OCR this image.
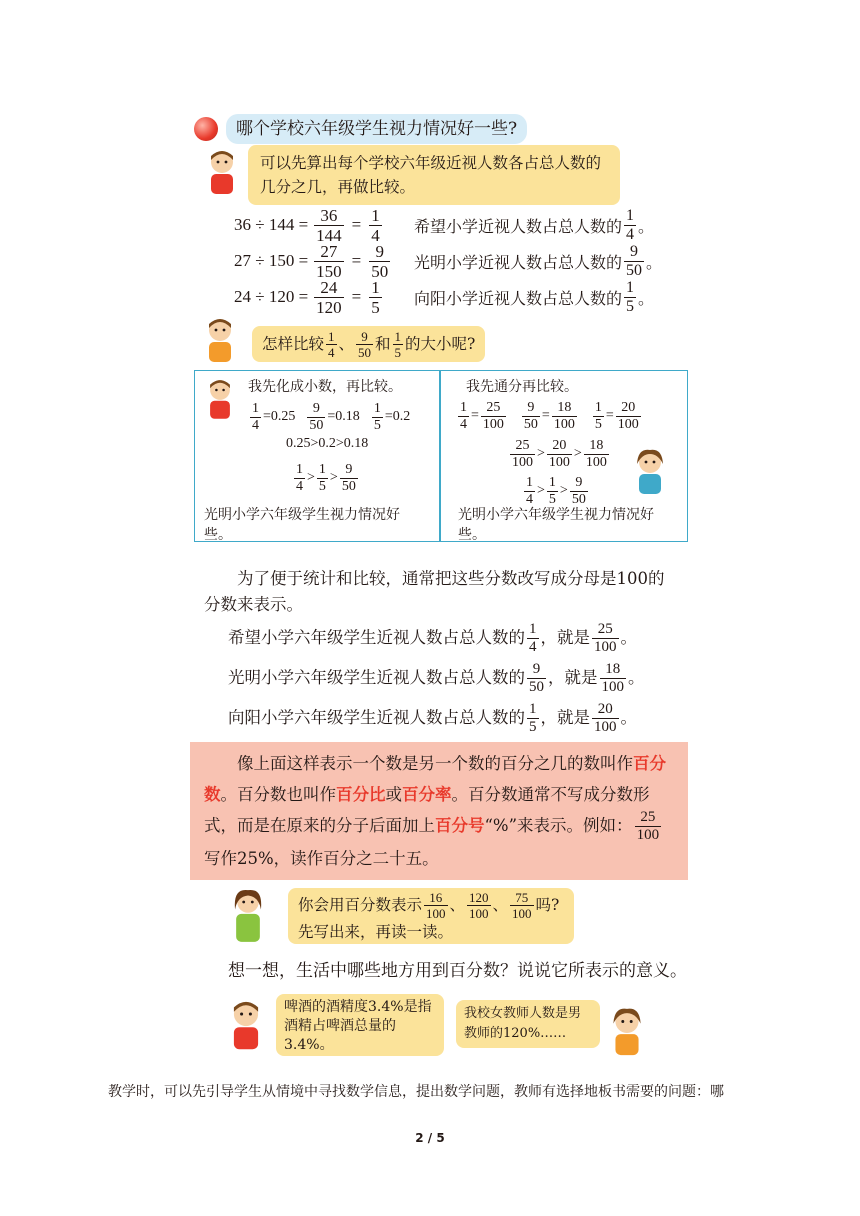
哪个学校六年级学生视力情况好一些?
可以先算出每个学校六年级近视人数各占总人数的几分之几，再做比较。
$36 \div 144 = \frac{36}{144} = \frac{1}{4}$ 希望小学近视人数占总人数的 $\frac{1}{4}$ 。
$27 \div 150 = \frac{27}{150} = \frac{9}{50}$ 光明小学近视人数占总人数的 $\frac{9}{50}$ 。
$24 \div 120 = \frac{24}{120} = \frac{1}{5}$ 向阳小学近视人数占总人数的 $\frac{1}{5}$ 。
怎样比较 $\frac{1}{4}$ 、 $\frac{9}{50}$ 和 $\frac{1}{5}$ 的大小呢?
我先化成小数，再比较。
$\frac{1}{4} =0.25 \frac{9}{50} =0.18 \frac{1}{5} =0.2$
0.25>0.2>0.18
$\frac{1}{4} > \frac{1}{5} > \frac{9}{50}$
光明小学六年级学生视力情况好些。
我先通分再比较。
$\frac{1}{4} = \frac{25}{100} \frac{9}{50} = \frac{18}{100} \frac{1}{5} = \frac{20}{100}$
$\frac{25}{100} > \frac{20}{100} > \frac{18}{100}$
$\frac{1}{4} > \frac{1}{5} > \frac{9}{50}$
光明小学六年级学生视力情况好些。
为了便于统计和比较，通常把这些分数改写成分母是100的分数来表示。
希望小学六年级学生近视人数占总人数的 $\frac{1}{4}$ ，就是 $\frac{25}{100}$ 。
光明小学六年级学生近视人数占总人数的 $\frac{9}{50}$ ，就是 $\frac{18}{100}$ 。
向阳小学六年级学生近视人数占总人数的 $\frac{1}{5}$ ，就是 $\frac{20}{100}$ 。
像上面这样表示一个数是另一个数的百分之几的数叫作百分数。百分数也叫作百分比或百分率。百分数通常不写成分数形式，而是在原来的分子后面加上百分号“%”来表示。例如： $\frac{25}{100}$
写作25%，读作百分之二十五。
你会用百分数表示 $\frac{16}{100}$ 、 $\frac{120}{100}$ 、 $\frac{75}{100}$ 吗?
先写出来，再读一读。
想一想，生活中哪些地方用到百分数？说说它所表示的意义。
啤酒的酒精度3.4%是指酒精占啤酒总量的3.4%。
我校女教师人数是男教师的120%……
教学时，可以先引导学生从情境中寻找数学信息，提出数学问题，教师有选择地板书需要的问题：哪
2 / 5
